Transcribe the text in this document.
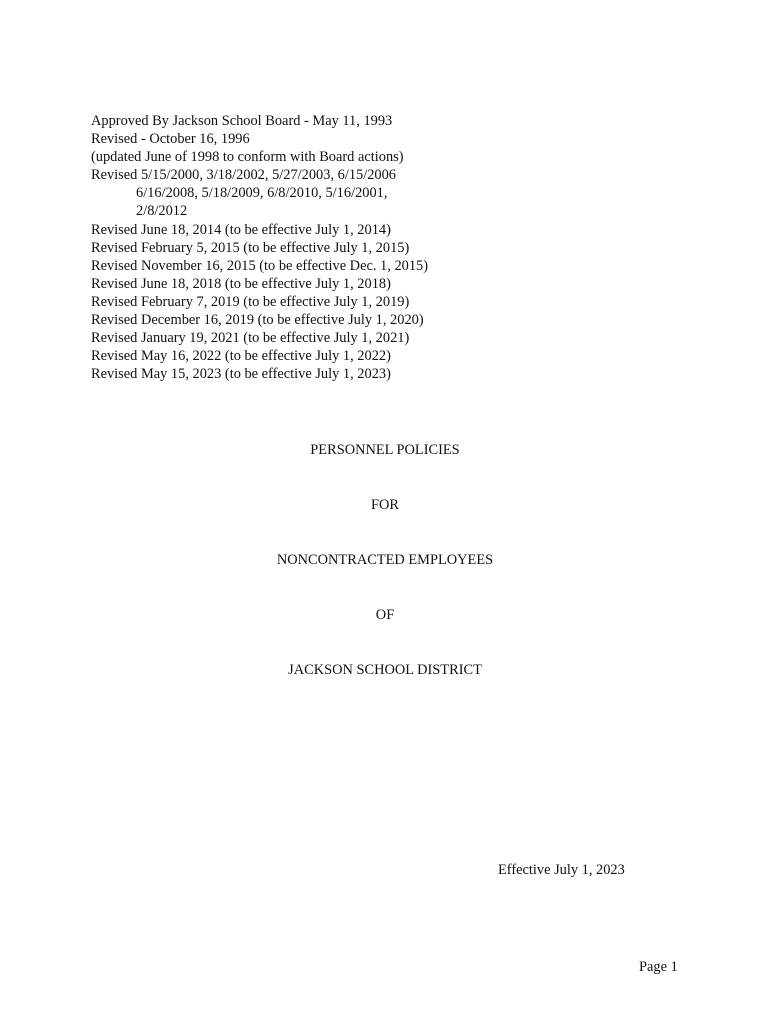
Approved By Jackson School Board - May 11, 1993
Revised - October 16, 1996
(updated June of 1998 to conform with Board actions)
Revised 5/15/2000, 3/18/2002, 5/27/2003, 6/15/2006
6/16/2008, 5/18/2009, 6/8/2010, 5/16/2001,
2/8/2012
Revised June 18, 2014 (to be effective July 1, 2014)
Revised February 5, 2015 (to be effective July 1, 2015)
Revised November 16, 2015 (to be effective Dec. 1, 2015)
Revised June 18, 2018 (to be effective July 1, 2018)
Revised February 7, 2019 (to be effective July 1, 2019)
Revised December 16, 2019 (to be effective July 1, 2020)
Revised January 19, 2021 (to be effective July 1, 2021)
Revised May 16, 2022 (to be effective July 1, 2022)
Revised May 15, 2023 (to be effective July 1, 2023)
PERSONNEL POLICIES
FOR
NONCONTRACTED EMPLOYEES
OF
JACKSON SCHOOL DISTRICT
Effective July 1, 2023
Page 1
